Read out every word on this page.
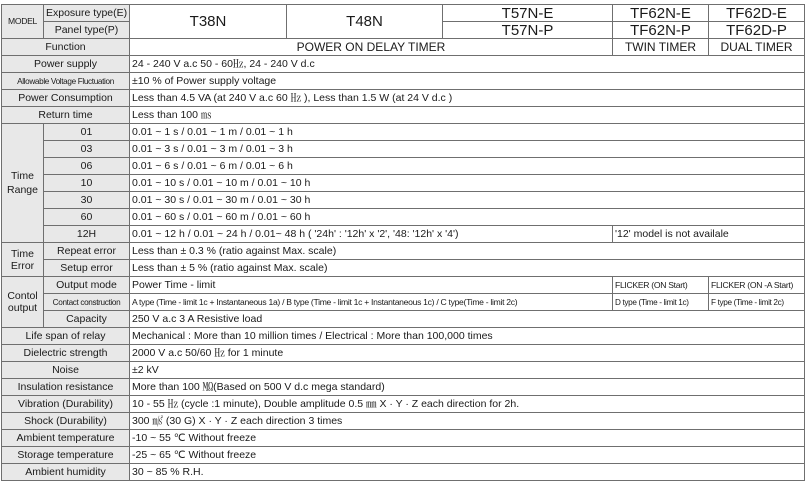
MODEL	Exposure type(E)	T38N	T48N	T57N-E	TF62N-E	TF62D-E
	Panel type(P)			T57N-P	TF62N-P	TF62D-P
Function		POWER ON DELAY TIMER			TWIN TIMER	DUAL TIMER
Power supply		24 - 240 V a.c 50 - 60㎐, 24 - 240 V d.c				
Allowable Voltage Fluctuation		±10 % of Power supply voltage				
Power Consumption		Less than 4.5 VA (at 240 V a.c 60 ㎐ ), Less than 1.5 W (at 24 V d.c )				
Return time		Less than 100 ㎳				
Time Range	01	0.01 ~ 1 s / 0.01 ~ 1 m / 0.01 ~ 1 h				
	03	0.01 ~ 3 s / 0.01 ~ 3 m / 0.01 ~ 3 h				
	06	0.01 ~ 6 s / 0.01 ~ 6 m / 0.01 ~ 6 h				
	10	0.01 ~ 10 s / 0.01 ~ 10 m / 0.01 ~ 10 h				
	30	0.01 ~ 30 s / 0.01 ~ 30 m / 0.01 ~ 30 h				
	60	0.01 ~ 60 s / 0.01 ~ 60 m / 0.01 ~ 60 h				
	12H	0.01 ~ 12 h / 0.01 ~ 24 h / 0.01~ 48 h ( '24h' : '12h' x '2', '48: '12h' x '4')			'12' model is not availale	
Time Error	Repeat error	Less than ± 0.3 % (ratio against Max. scale)				
	Setup error	Less than ± 5 % (ratio against Max. scale)				
Contol output	Output mode	Power Time - limit			FLICKER (ON Start)	FLICKER (ON -A Start)
	Contact construction	A type (Time - limit 1c + Instantaneous 1a) / B type (Time - limit 1c + Instantaneous 1c) / C type(Time - limit 2c)			D type (Time - limit 1c)	F type (Time - limit 2c)
	Capacity	250 V a.c 3 A Resistive load				
Life span of relay		Mechanical : More than 10 million times / Electrical : More than 100,000 times				
Dielectric strength		2000 V a.c 50/60 ㎐ for 1 minute				
Noise		±2 kV				
Insulation resistance		More than 100 ㏁(Based on 500 V d.c mega standard)				
Vibration (Durability)		10 - 55 ㎐ (cycle :1 minute), Double amplitude 0.5 ㎜ X · Y · Z each direction for 2h.				
Shock (Durability)		300 ㎨ (30 G) X · Y · Z each direction 3 times				
Ambient temperature		-10 ~ 55 ℃ Without freeze				
Storage temperature		-25 ~ 65 ℃ Without freeze				
Ambient humidity		30 ~ 85 % R.H.				
